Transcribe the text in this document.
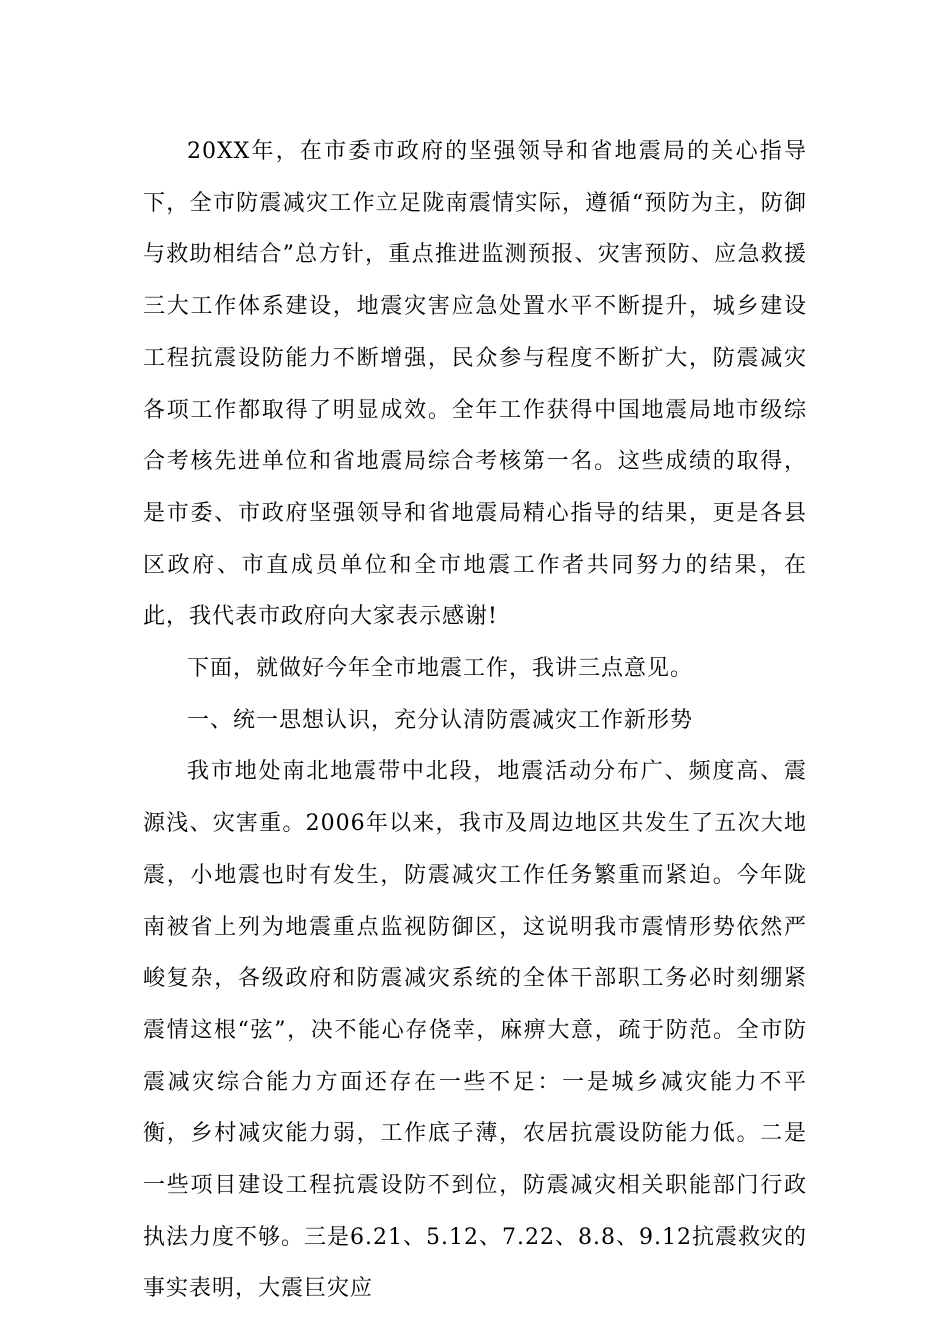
20XX年，在市委市政府的坚强领导和省地震局的关心指导下，全市防震减灾工作立足陇南震情实际，遵循“预防为主，防御与救助相结合”总方针，重点推进监测预报、灾害预防、应急救援三大工作体系建设，地震灾害应急处置水平不断提升，城乡建设工程抗震设防能力不断增强，民众参与程度不断扩大，防震减灾各项工作都取得了明显成效。全年工作获得中国地震局地市级综合考核先进单位和省地震局综合考核第一名。这些成绩的取得，是市委、市政府坚强领导和省地震局精心指导的结果，更是各县区政府、市直成员单位和全市地震工作者共同努力的结果，在此，我代表市政府向大家表示感谢!

下面，就做好今年全市地震工作，我讲三点意见。

一、统一思想认识，充分认清防震减灾工作新形势

我市地处南北地震带中北段，地震活动分布广、频度高、震源浅、灾害重。2006年以来，我市及周边地区共发生了五次大地震，小地震也时有发生，防震减灾工作任务繁重而紧迫。今年陇南被省上列为地震重点监视防御区，这说明我市震情形势依然严峻复杂，各级政府和防震减灾系统的全体干部职工务必时刻绷紧震情这根“弦”，决不能心存侥幸，麻痹大意，疏于防范。全市防震减灾综合能力方面还存在一些不足：一是城乡减灾能力不平衡，乡村减灾能力弱，工作底子薄，农居抗震设防能力低。二是一些项目建设工程抗震设防不到位，防震减灾相关职能部门行政执法力度不够。三是6.21、5.12、7.22、8.8、9.12抗震救灾的事实表明，大震巨灾应
